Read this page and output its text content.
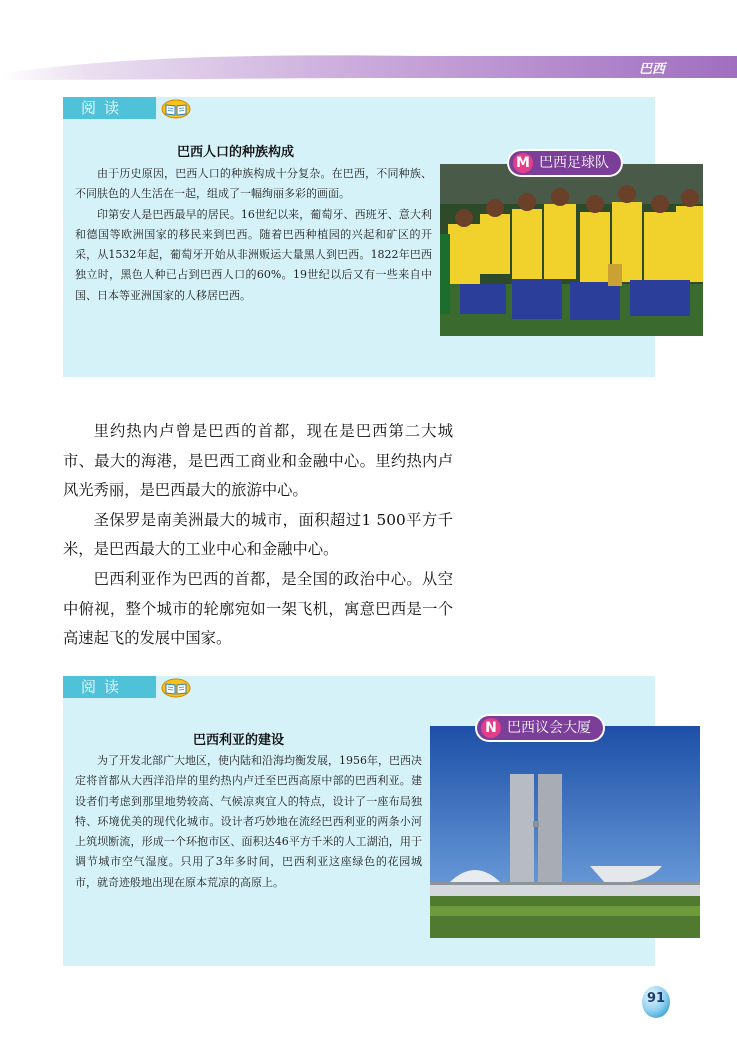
巴西
阅读
巴西人口的种族构成

由于历史原因，巴西人口的种族构成十分复杂。在巴西，不同种族、不同肤色的人生活在一起，组成了一幅绚丽多彩的画面。

印第安人是巴西最早的居民。16世纪以来，葡萄牙、西班牙、意大利和德国等欧洲国家的移民来到巴西。随着巴西种植园的兴起和矿区的开采，从1532年起，葡萄牙开始从非洲贩运大量黑人到巴西。1822年巴西独立时，黑色人种已占到巴西人口的60%。19世纪以后又有一些来自中国、日本等亚洲国家的人移居巴西。

M 巴西足球队

里约热内卢曾是巴西的首都，现在是巴西第二大城市、最大的海港，是巴西工商业和金融中心。里约热内卢风光秀丽，是巴西最大的旅游中心。

圣保罗是南美洲最大的城市，面积超过1 500平方千米，是巴西最大的工业中心和金融中心。

巴西利亚作为巴西的首都，是全国的政治中心。从空中俯视，整个城市的轮廓宛如一架飞机，寓意巴西是一个高速起飞的发展中国家。

阅读
巴西利亚的建设

为了开发北部广大地区，使内陆和沿海均衡发展，1956年，巴西决定将首都从大西洋沿岸的里约热内卢迁至巴西高原中部的巴西利亚。建设者们考虑到那里地势较高、气候凉爽宜人的特点，设计了一座布局独特、环境优美的现代化城市。设计者巧妙地在流经巴西利亚的两条小河上筑坝断流，形成一个环抱市区、面积达46平方千米的人工湖泊，用于调节城市空气湿度。只用了3年多时间，巴西利亚这座绿色的花园城市，就奇迹般地出现在原本荒凉的高原上。

N 巴西议会大厦
91
